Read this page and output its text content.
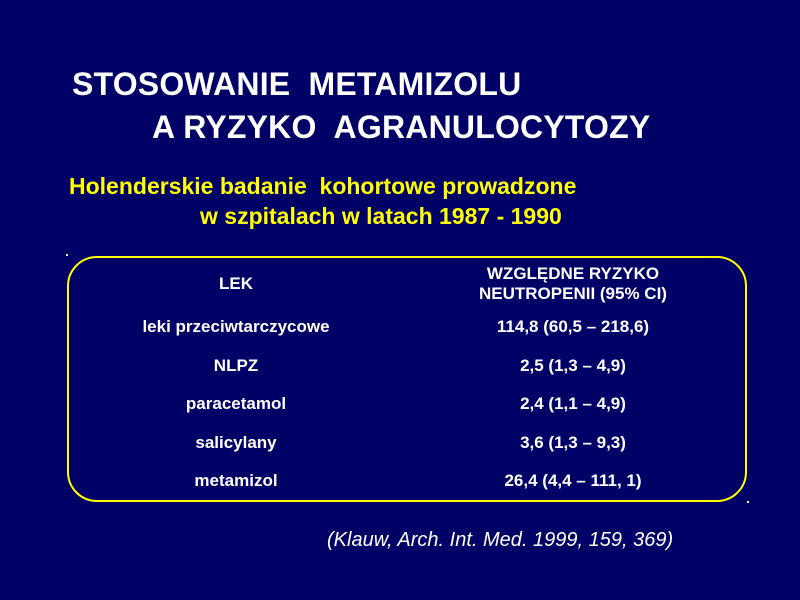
STOSOWANIE  METAMIZOLU
A RYZYKO  AGRANULOCYTOZY
Holenderskie badanie  kohortowe prowadzone
w szpitalach w latach 1987 - 1990
LEK	WZGLĘDNE RYZYKO
NEUTROPENII (95% CI)
leki przeciwtarczycowe	114,8 (60,5 – 218,6)
NLPZ	2,5 (1,3 – 4,9)
paracetamol	2,4 (1,1 – 4,9)
salicylany	3,6 (1,3 – 9,3)
metamizol	26,4 (4,4 – 111, 1)
(Klauw, Arch. Int. Med. 1999, 159, 369)
